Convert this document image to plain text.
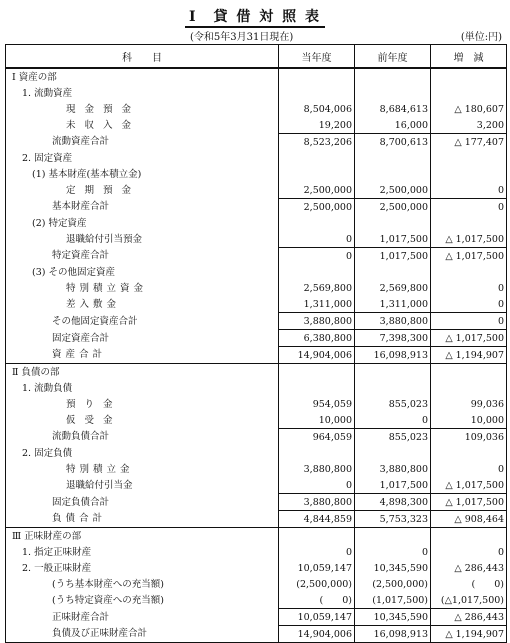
Ⅰ　貸 借 対 照 表
(令和5年3月31日現在)	(単位:円)
科　　目	当年度	前年度	増　減
Ⅰ 資産の部			
1. 流動資産			
現金預金	8,504,006	8,684,613	△ 180,607
未収入金	19,200	16,000	3,200
流動資産合計	8,523,206	8,700,613	△ 177,407
2. 固定資産			
(1) 基本財産(基本積立金)			
定期預金	2,500,000	2,500,000	0
基本財産合計	2,500,000	2,500,000	0
(2) 特定資産			
退職給付引当預金	0	1,017,500	△ 1,017,500
特定資産合計	0	1,017,500	△ 1,017,500
(3) その他固定資産			
特別積立資金	2,569,800	2,569,800	0
差入敷金	1,311,000	1,311,000	0
その他固定資産合計	3,880,800	3,880,800	0
固定資産合計	6,380,800	7,398,300	△ 1,017,500
資産合計	14,904,006	16,098,913	△ 1,194,907
Ⅱ 負債の部			
1. 流動負債			
預り金	954,059	855,023	99,036
仮受金	10,000	0	10,000
流動負債合計	964,059	855,023	109,036
2. 固定負債			
特別積立金	3,880,800	3,880,800	0
退職給付引当金	0	1,017,500	△ 1,017,500
固定負債合計	3,880,800	4,898,300	△ 1,017,500
負債合計	4,844,859	5,753,323	△ 908,464
Ⅲ 正味財産の部			
1. 指定正味財産	0	0	0
2. 一般正味財産	10,059,147	10,345,590	△ 286,443
(うち基本財産への充当額)	(2,500,000)	(2,500,000)	(　　0)
(うち特定資産への充当額)	(　　0)	(1,017,500)	(△1,017,500)
正味財産合計	10,059,147	10,345,590	△ 286,443
負債及び正味財産合計	14,904,006	16,098,913	△ 1,194,907
